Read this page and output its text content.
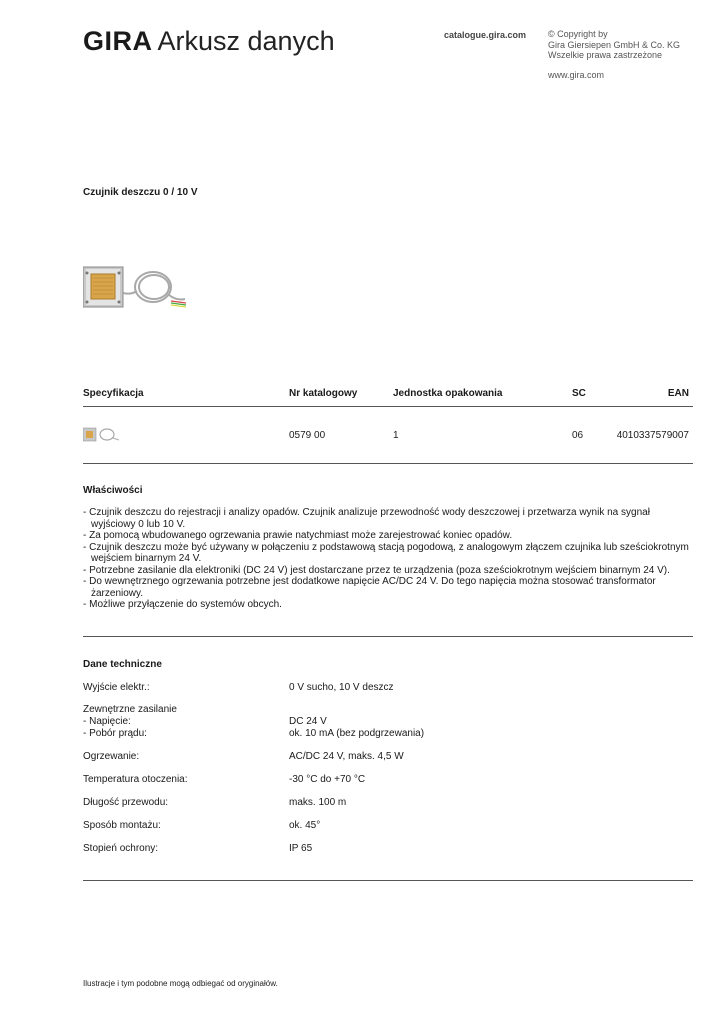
GIRA Arkusz danych	catalogue.gira.com © Copyright by
Gira Giersiepen GmbH & Co. KG
Wszelkie prawa zastrzeżone
www.gira.com
Czujnik deszczu 0 / 10 V
Specyfikacja	Nr katalogowy	Jednostka opakowania	SC	EAN
0579 00	1	06	4010337579007
Właściwości
- Czujnik deszczu do rejestracji i analizy opadów. Czujnik analizuje przewodność wody deszczowej i przetwarza wynik na sygnał wyjściowy 0 lub 10 V.
- Za pomocą wbudowanego ogrzewania prawie natychmiast może zarejestrować koniec opadów.
- Czujnik deszczu może być używany w połączeniu z podstawową stacją pogodową, z analogowym złączem czujnika lub sześciokrotnym wejściem binarnym 24 V.
- Potrzebne zasilanie dla elektroniki (DC 24 V) jest dostarczane przez te urządzenia (poza sześciokrotnym wejściem binarnym 24 V).
- Do wewnętrznego ogrzewania potrzebne jest dodatkowe napięcie AC/DC 24 V. Do tego napięcia można stosować transformator żarzeniowy.
- Możliwe przyłączenie do systemów obcych.
Dane techniczne
Wyjście elektr.:	0 V sucho, 10 V deszcz
Zewnętrzne zasilanie
- Napięcie:	DC 24 V
- Pobór prądu:	ok. 10 mA (bez podgrzewania)
Ogrzewanie:	AC/DC 24 V, maks. 4,5 W
Temperatura otoczenia:	-30 °C do +70 °C
Długość przewodu:	maks. 100 m
Sposób montażu:	ok. 45°
Stopień ochrony:	IP 65
Ilustracje i tym podobne mogą odbiegać od oryginałów.
